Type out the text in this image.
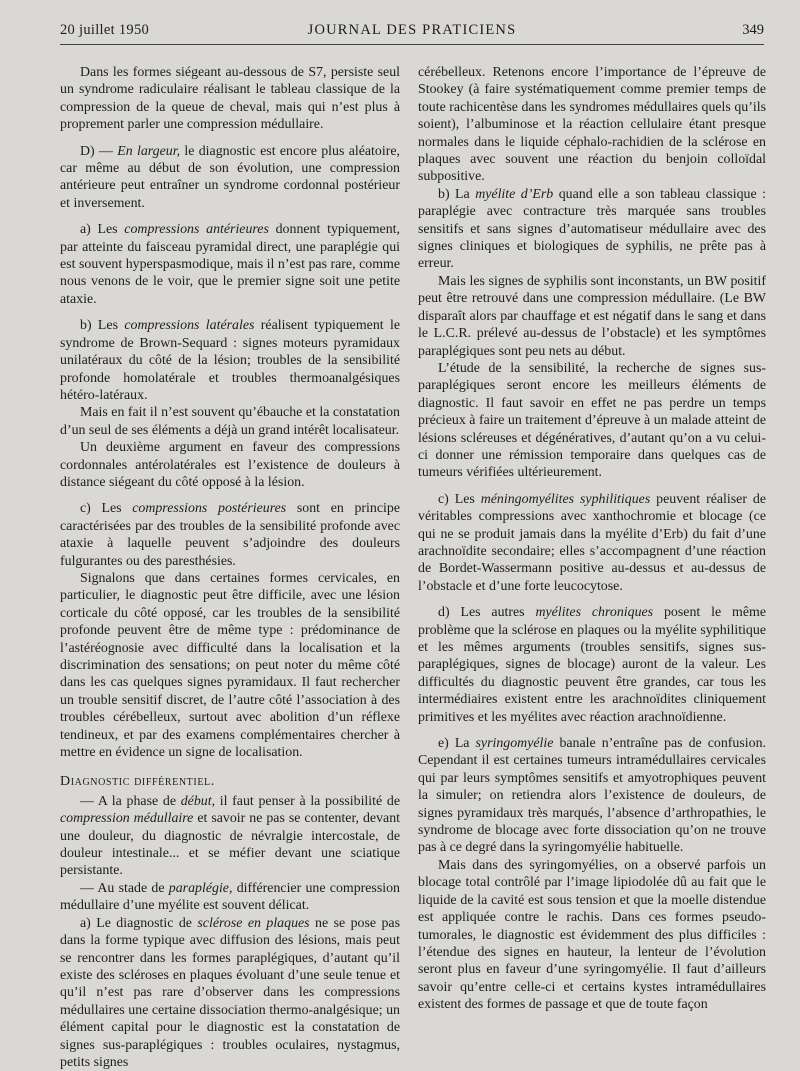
20 juillet 1950	JOURNAL DES PRATICIENS	349

Dans les formes siégeant au-dessous de S7, persiste seul un syndrome radiculaire réalisant le tableau classique de la compression de la queue de cheval, mais qui n’est plus à proprement parler une compression médullaire.

D) — En largeur, le diagnostic est encore plus aléatoire, car même au début de son évolution, une compression antérieure peut entraîner un syndrome cordonnal postérieur et inversement.

a) Les compressions antérieures donnent typiquement, par atteinte du faisceau pyramidal direct, une paraplégie qui est souvent hyperspasmodique, mais il n’est pas rare, comme nous venons de le voir, que le premier signe soit une petite ataxie.

b) Les compressions latérales réalisent typiquement le syndrome de Brown-Sequard : signes moteurs pyramidaux unilatéraux du côté de la lésion; troubles de la sensibilité profonde homolatérale et troubles thermoanalgésiques hétéro-latéraux.

Mais en fait il n’est souvent qu’ébauche et la constatation d’un seul de ses éléments a déjà un grand intérêt localisateur.

Un deuxième argument en faveur des compressions cordonnales antérolatérales est l’existence de douleurs à distance siégeant du côté opposé à la lésion.

c) Les compressions postérieures sont en principe caractérisées par des troubles de la sensibilité profonde avec ataxie à laquelle peuvent s’adjoindre des douleurs fulgurantes ou des paresthésies.

Signalons que dans certaines formes cervicales, en particulier, le diagnostic peut être difficile, avec une lésion corticale du côté opposé, car les troubles de la sensibilité profonde peuvent être de même type : prédominance de l’astéréognosie avec difficulté dans la localisation et la discrimination des sensations; on peut noter du même côté dans les cas quelques signes pyramidaux. Il faut rechercher un trouble sensitif discret, de l’autre côté l’association à des troubles cérébelleux, surtout avec abolition d’un réflexe tendineux, et par des examens complémentaires chercher à mettre en évidence un signe de localisation.

Diagnostic différentiel.

— A la phase de début, il faut penser à la possibilité de compression médullaire et savoir ne pas se contenter, devant une douleur, du diagnostic de névralgie intercostale, de douleur intestinale... et se méfier devant une sciatique persistante.

— Au stade de paraplégie, différencier une compression médullaire d’une myélite est souvent délicat.

a) Le diagnostic de sclérose en plaques ne se pose pas dans la forme typique avec diffusion des lésions, mais peut se rencontrer dans les formes paraplégiques, d’autant qu’il existe des scléroses en plaques évoluant d’une seule tenue et qu’il n’est pas rare d’observer dans les compressions médullaires une certaine dissociation thermo-analgésique; un élément capital pour le diagnostic est la constatation de signes sus-paraplégiques : troubles oculaires, nystagmus, petits signes

cérébelleux. Retenons encore l’importance de l’épreuve de Stookey (à faire systématiquement comme premier temps de toute rachicentèse dans les syndromes médullaires quels qu’ils soient), l’albuminose et la réaction cellulaire étant presque normales dans le liquide céphalo-rachidien de la sclérose en plaques avec souvent une réaction du benjoin colloïdal subpositive.

b) La myélite d’Erb quand elle a son tableau classique : paraplégie avec contracture très marquée sans troubles sensitifs et sans signes d’automatiseur médullaire avec des signes cliniques et biologiques de syphilis, ne prête pas à erreur.

Mais les signes de syphilis sont inconstants, un BW positif peut être retrouvé dans une compression médullaire. (Le BW disparaît alors par chauffage et est négatif dans le sang et dans le L.C.R. prélevé au-dessus de l’obstacle) et les symptômes paraplégiques sont peu nets au début.

L’étude de la sensibilité, la recherche de signes sus-paraplégiques seront encore les meilleurs éléments de diagnostic. Il faut savoir en effet ne pas perdre un temps précieux à faire un traitement d’épreuve à un malade atteint de lésions scléreuses et dégénératives, d’autant qu’on a vu celui-ci donner une rémission temporaire dans quelques cas de tumeurs vérifiées ultérieurement.

c) Les méningomyélites syphilitiques peuvent réaliser de véritables compressions avec xanthochromie et blocage (ce qui ne se produit jamais dans la myélite d’Erb) du fait d’une arachnoïdite secondaire; elles s’accompagnent d’une réaction de Bordet-Wassermann positive au-dessus et au-dessus de l’obstacle et d’une forte leucocytose.

d) Les autres myélites chroniques posent le même problème que la sclérose en plaques ou la myélite syphilitique et les mêmes arguments (troubles sensitifs, signes sus-paraplégiques, signes de blocage) auront de la valeur. Les difficultés du diagnostic peuvent être grandes, car tous les intermédiaires existent entre les arachnoïdites cliniquement primitives et les myélites avec réaction arachnoïdienne.

e) La syringomyélie banale n’entraîne pas de confusion. Cependant il est certaines tumeurs intramédullaires cervicales qui par leurs symptômes sensitifs et amyotrophiques peuvent la simuler; on retiendra alors l’existence de douleurs, de signes pyramidaux très marqués, l’absence d’arthropathies, le syndrome de blocage avec forte dissociation qu’on ne trouve pas à ce degré dans la syringomyélie habituelle.

Mais dans des syringomyélies, on a observé parfois un blocage total contrôlé par l’image lipiodolée dû au fait que le liquide de la cavité est sous tension et que la moelle distendue est appliquée contre le rachis. Dans ces formes pseudo-tumorales, le diagnostic est évidemment des plus difficiles : l’étendue des signes en hauteur, la lenteur de l’évolution seront plus en faveur d’une syringomyélie. Il faut d’ailleurs savoir qu’entre celle-ci et certains kystes intramédullaires existent des formes de passage et que de toute façon
